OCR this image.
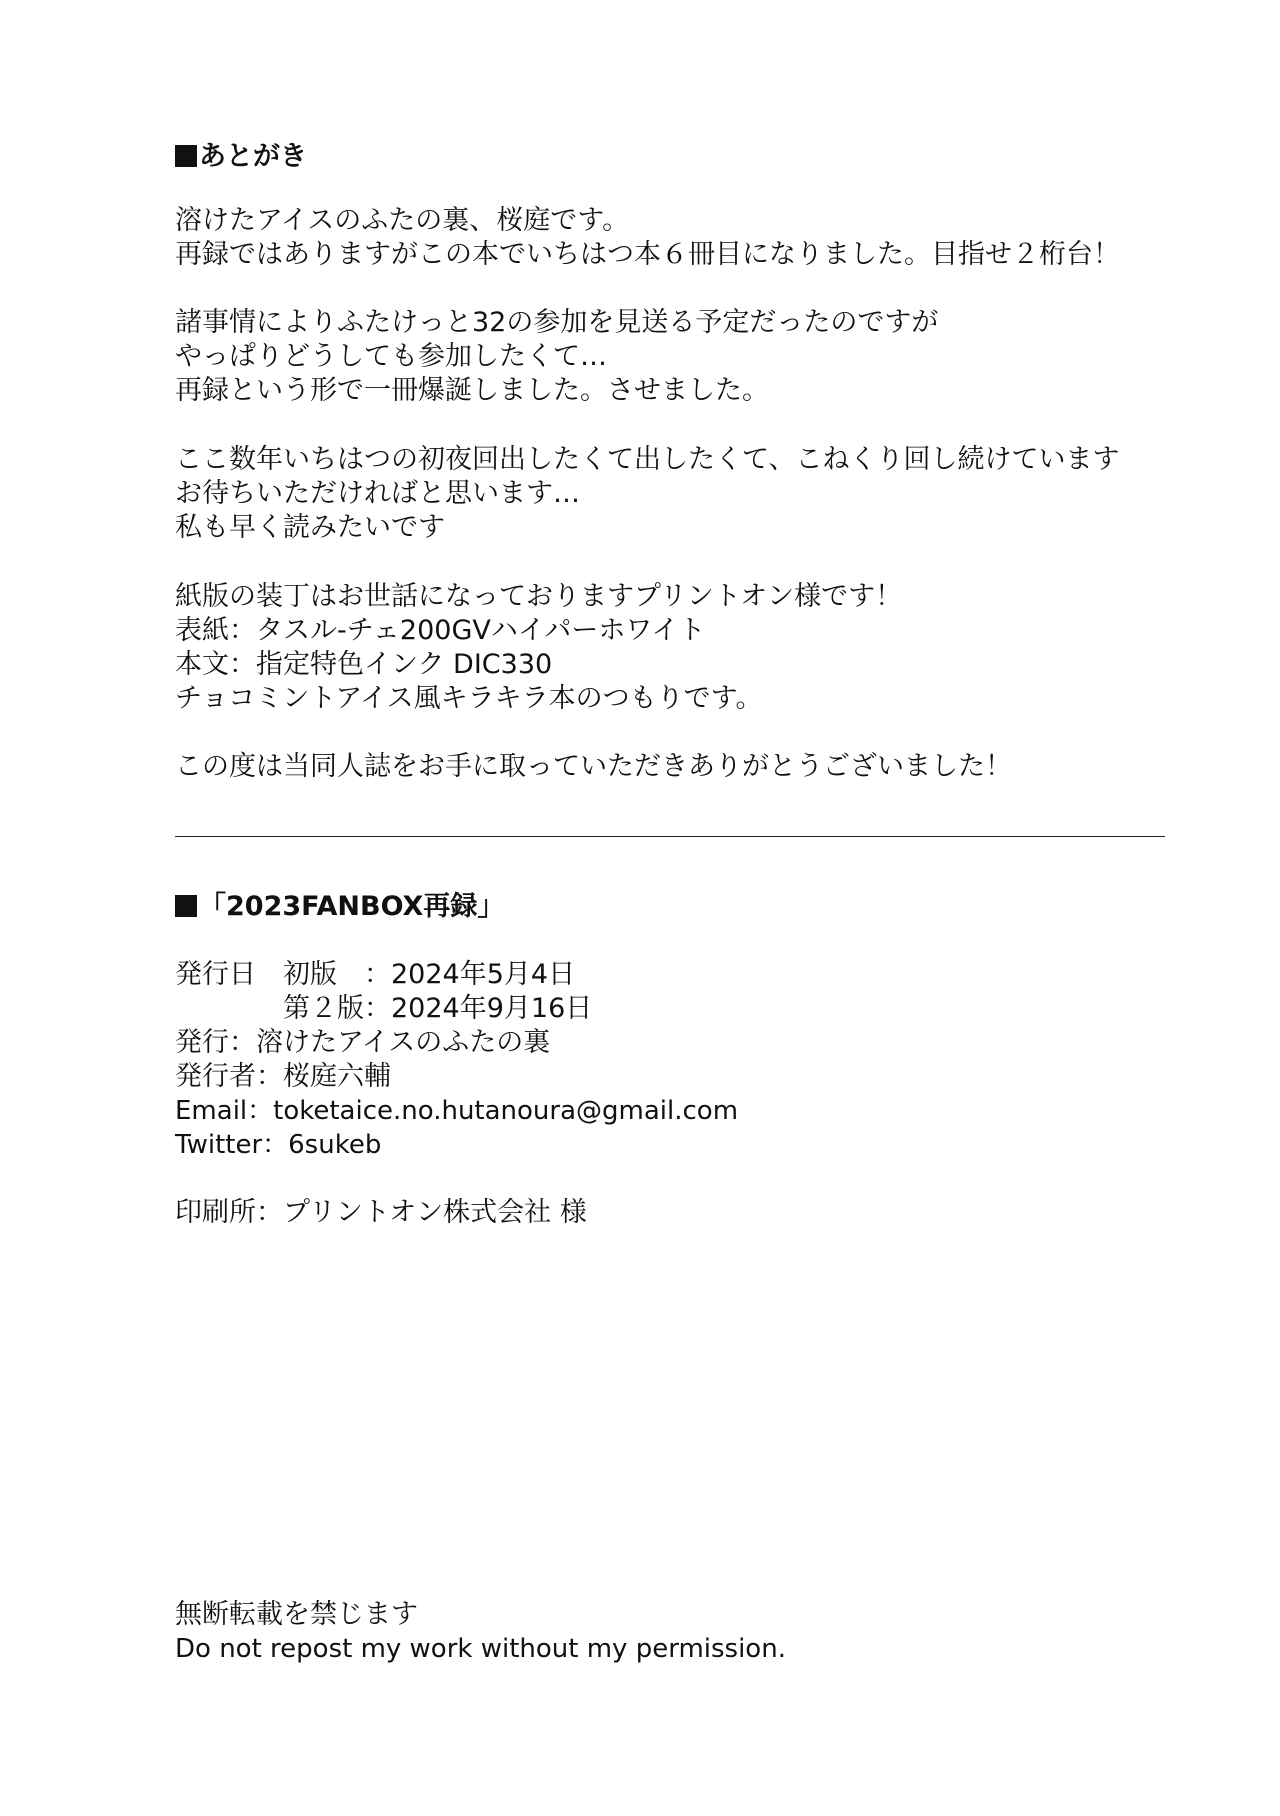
あとがき
溶けたアイスのふたの裏、桜庭です。
再録ではありますがこの本でいちはつ本６冊目になりました。目指せ２桁台！
諸事情によりふたけっと32の参加を見送る予定だったのですが
やっぱりどうしても参加したくて…
再録という形で一冊爆誕しました。させました。
ここ数年いちはつの初夜回出したくて出したくて、こねくり回し続けています
お待ちいただければと思います…
私も早く読みたいです
紙版の装丁はお世話になっておりますプリントオン様です！
表紙：タスル-チェ200GVハイパーホワイト
本文：指定特色インク DIC330
チョコミントアイス風キラキラ本のつもりです。
この度は当同人誌をお手に取っていただきありがとうございました！
「2023FANBOX再録」
発行日 初版　：2024年5月4日
第２版：2024年9月16日
発行：溶けたアイスのふたの裏
発行者：桜庭六輔
Email：toketaice.no.hutanoura@gmail.com
Twitter：6sukeb
印刷所：プリントオン株式会社 様
無断転載を禁じます
Do not repost my work without my permission.
